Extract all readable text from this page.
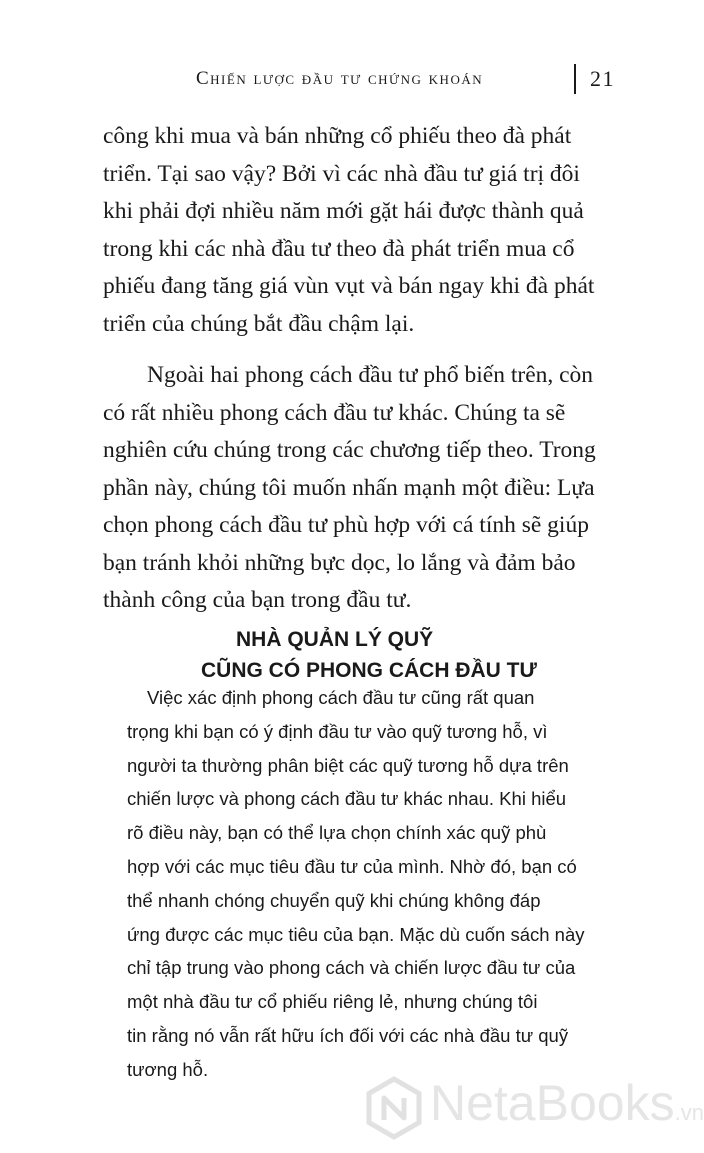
Chiến lược đầu tư chứng khoán	21

công khi mua và bán những cổ phiếu theo đà phát

triển. Tại sao vậy? Bởi vì các nhà đầu tư giá trị đôi

khi phải đợi nhiều năm mới gặt hái được thành quả

trong khi các nhà đầu tư theo đà phát triển mua cổ

phiếu đang tăng giá vùn vụt và bán ngay khi đà phát

triển của chúng bắt đầu chậm lại.

Ngoài hai phong cách đầu tư phổ biến trên, còn

có rất nhiều phong cách đầu tư khác. Chúng ta sẽ

nghiên cứu chúng trong các chương tiếp theo. Trong

phần này, chúng tôi muốn nhấn mạnh một điều: Lựa

chọn phong cách đầu tư phù hợp với cá tính sẽ giúp

bạn tránh khỏi những bực dọc, lo lắng và đảm bảo

thành công của bạn trong đầu tư.

NHÀ QUẢN LÝ QUỸ
CŨNG CÓ PHONG CÁCH ĐẦU TƯ

Việc xác định phong cách đầu tư cũng rất quan

trọng khi bạn có ý định đầu tư vào quỹ tương hỗ, vì

người ta thường phân biệt các quỹ tương hỗ dựa trên

chiến lược và phong cách đầu tư khác nhau. Khi hiểu

rõ điều này, bạn có thể lựa chọn chính xác quỹ phù

hợp với các mục tiêu đầu tư của mình. Nhờ đó, bạn có

thể nhanh chóng chuyển quỹ khi chúng không đáp

ứng được các mục tiêu của bạn. Mặc dù cuốn sách này

chỉ tập trung vào phong cách và chiến lược đầu tư của

một nhà đầu tư cổ phiếu riêng lẻ, nhưng chúng tôi

tin rằng nó vẫn rất hữu ích đối với các nhà đầu tư quỹ

tương hỗ.

NetaBooks.vn
